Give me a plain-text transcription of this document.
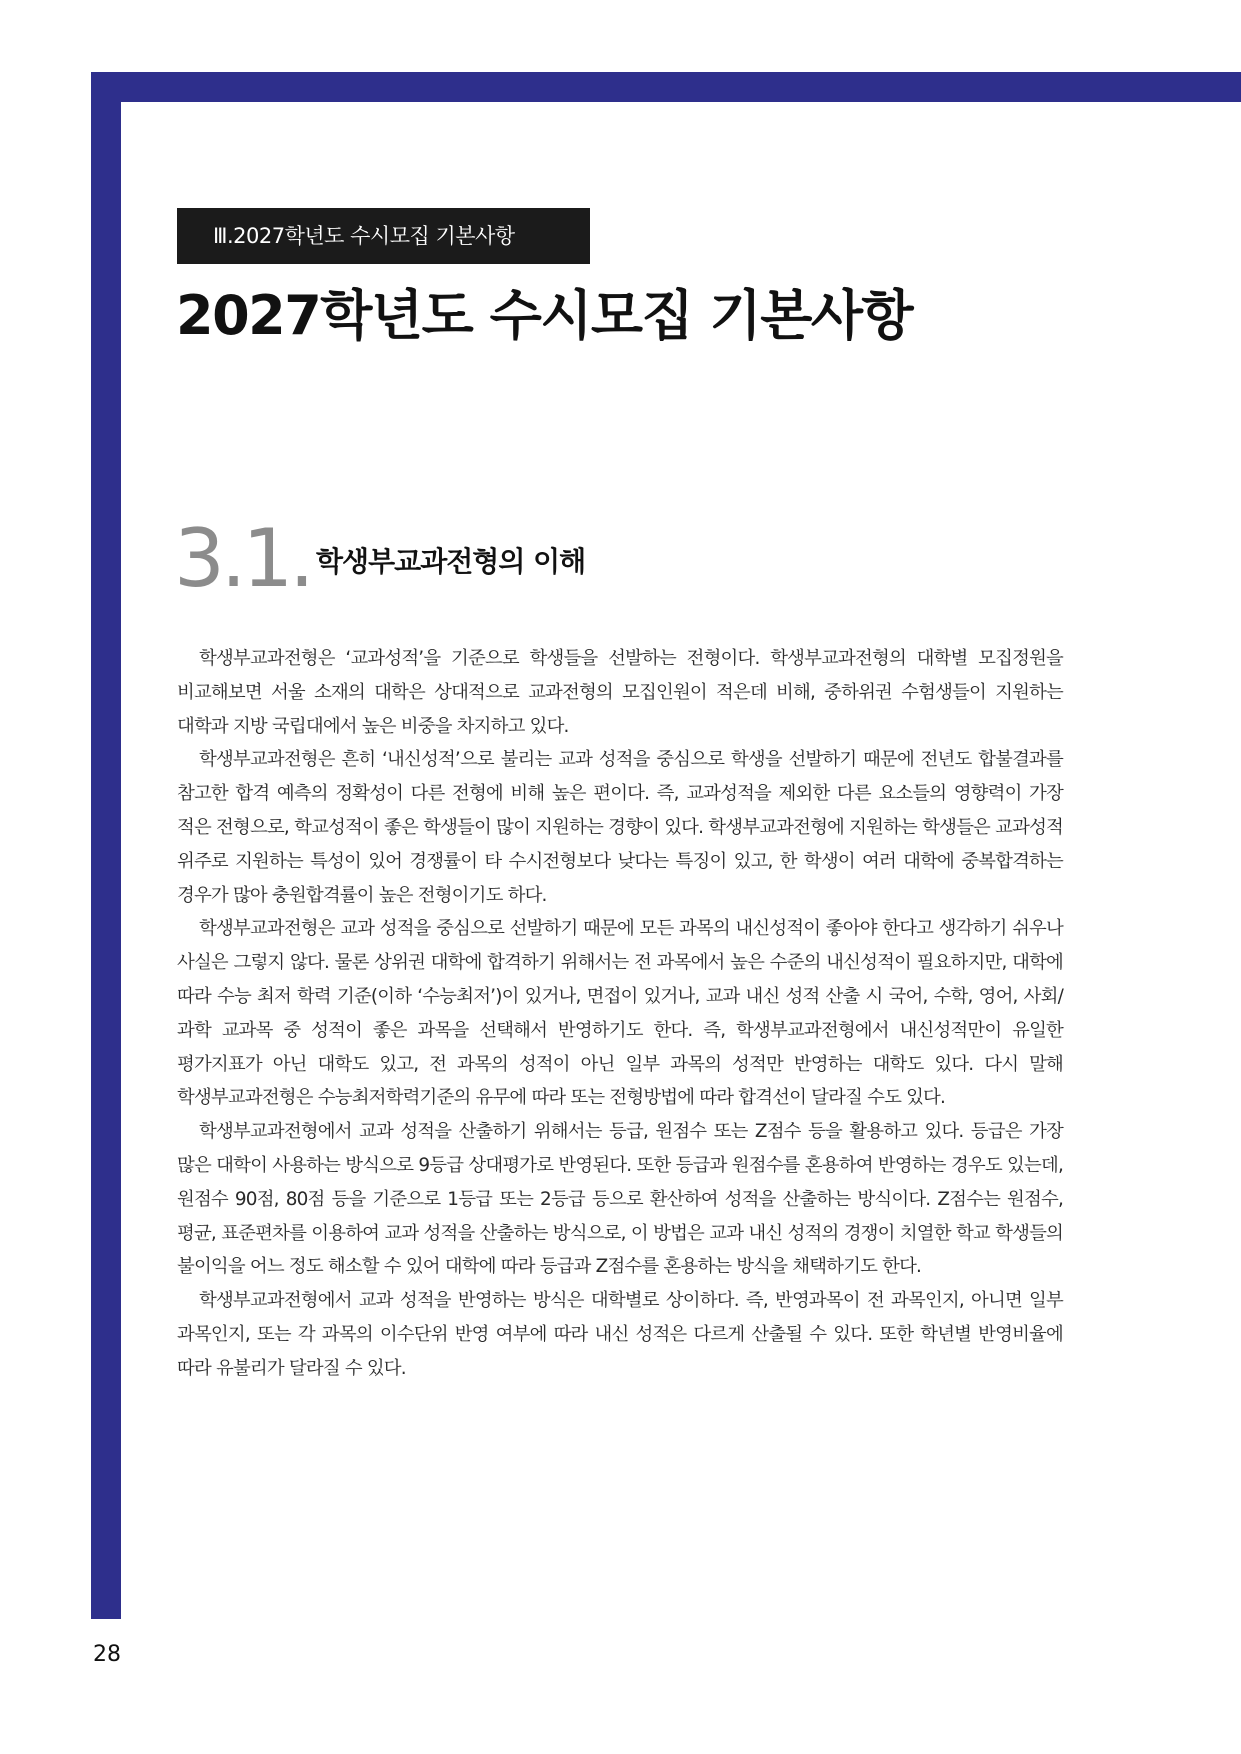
Ⅲ.2027학년도 수시모집 기본사항
2027학년도 수시모집 기본사항
3.1. 학생부교과전형의 이해

학생부교과전형은 ‘교과성적’을 기준으로 학생들을 선발하는 전형이다. 학생부교과전형의 대학별 모집정원을 비교해보면 서울 소재의 대학은 상대적으로 교과전형의 모집인원이 적은데 비해, 중하위권 수험생들이 지원하는 대학과 지방 국립대에서 높은 비중을 차지하고 있다.

학생부교과전형은 흔히 ‘내신성적’으로 불리는 교과 성적을 중심으로 학생을 선발하기 때문에 전년도 합불결과를 참고한 합격 예측의 정확성이 다른 전형에 비해 높은 편이다. 즉, 교과성적을 제외한 다른 요소들의 영향력이 가장 적은 전형으로, 학교성적이 좋은 학생들이 많이 지원하는 경향이 있다. 학생부교과전형에 지원하는 학생들은 교과성적 위주로 지원하는 특성이 있어 경쟁률이 타 수시전형보다 낮다는 특징이 있고, 한 학생이 여러 대학에 중복합격하는 경우가 많아 충원합격률이 높은 전형이기도 하다.

학생부교과전형은 교과 성적을 중심으로 선발하기 때문에 모든 과목의 내신성적이 좋아야 한다고 생각하기 쉬우나 사실은 그렇지 않다. 물론 상위권 대학에 합격하기 위해서는 전 과목에서 높은 수준의 내신성적이 필요하지만, 대학에 따라 수능 최저 학력 기준(이하 ‘수능최저’)이 있거나, 면접이 있거나, 교과 내신 성적 산출 시 국어, 수학, 영어, 사회/과학 교과목 중 성적이 좋은 과목을 선택해서 반영하기도 한다. 즉, 학생부교과전형에서 내신성적만이 유일한 평가지표가 아닌 대학도 있고, 전 과목의 성적이 아닌 일부 과목의 성적만 반영하는 대학도 있다. 다시 말해 학생부교과전형은 수능최저학력기준의 유무에 따라 또는 전형방법에 따라 합격선이 달라질 수도 있다.

학생부교과전형에서 교과 성적을 산출하기 위해서는 등급, 원점수 또는 Z점수 등을 활용하고 있다. 등급은 가장 많은 대학이 사용하는 방식으로 9등급 상대평가로 반영된다. 또한 등급과 원점수를 혼용하여 반영하는 경우도 있는데, 원점수 90점, 80점 등을 기준으로 1등급 또는 2등급 등으로 환산하여 성적을 산출하는 방식이다. Z점수는 원점수, 평균, 표준편차를 이용하여 교과 성적을 산출하는 방식으로, 이 방법은 교과 내신 성적의 경쟁이 치열한 학교 학생들의 불이익을 어느 정도 해소할 수 있어 대학에 따라 등급과 Z점수를 혼용하는 방식을 채택하기도 한다.

학생부교과전형에서 교과 성적을 반영하는 방식은 대학별로 상이하다. 즉, 반영과목이 전 과목인지, 아니면 일부 과목인지, 또는 각 과목의 이수단위 반영 여부에 따라 내신 성적은 다르게 산출될 수 있다. 또한 학년별 반영비율에 따라 유불리가 달라질 수 있다.

28
